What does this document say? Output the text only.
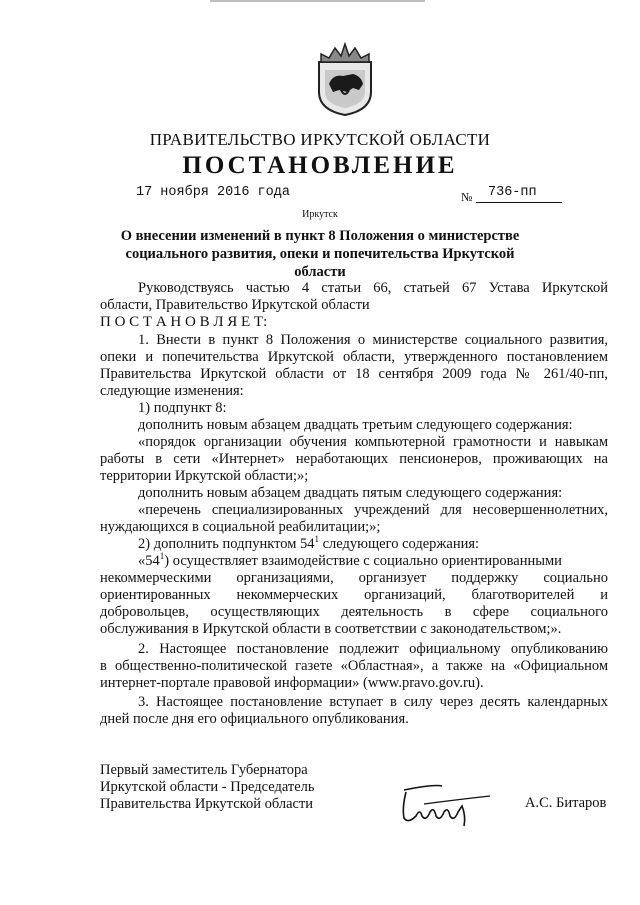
ПРАВИТЕЛЬСТВО ИРКУТСКОЙ ОБЛАСТИ
ПОСТАНОВЛЕНИЕ
17 ноября 2016 года	№ 736-пп
Иркутск
О внесении изменений в пункт 8 Положения о министерстве
социального развития, опеки и попечительства Иркутской области
Руководствуясь частью 4 статьи 66, статьей 67 Устава Иркутской
области, Правительство Иркутской области
П О С Т А Н О В Л Я Е Т:
1. Внести в пункт 8 Положения о министерстве социального развития,
опеки и попечительства Иркутской области, утвержденного постановлением
Правительства Иркутской области от 18 сентября 2009 года № 261/40-пп,
следующие изменения:
1) подпункт 8:
дополнить новым абзацем двадцать третьим следующего содержания:
«порядок организации обучения компьютерной грамотности и навыкам
работы в сети «Интернет» неработающих пенсионеров, проживающих на
территории Иркутской области;»;
дополнить новым абзацем двадцать пятым следующего содержания:
«перечень специализированных учреждений для несовершеннолетних,
нуждающихся в социальной реабилитации;»;
2) дополнить подпунктом $54^1$ следующего содержания:
«$54^1$) осуществляет взаимодействие с социально ориентированными
некоммерческими организациями, организует поддержку социально
ориентированных некоммерческих организаций, благотворителей и
добровольцев, осуществляющих деятельность в сфере социального
обслуживания в Иркутской области в соответствии с законодательством;».
2. Настоящее постановление подлежит официальному опубликованию
в общественно-политической газете «Областная», а также на «Официальном
интернет-портале правовой информации» (www.pravo.gov.ru).
3. Настоящее постановление вступает в силу через десять календарных
дней после дня его официального опубликования.
Первый заместитель Губернатора
Иркутской области - Председатель
Правительства Иркутской области	А.С. Битаров
